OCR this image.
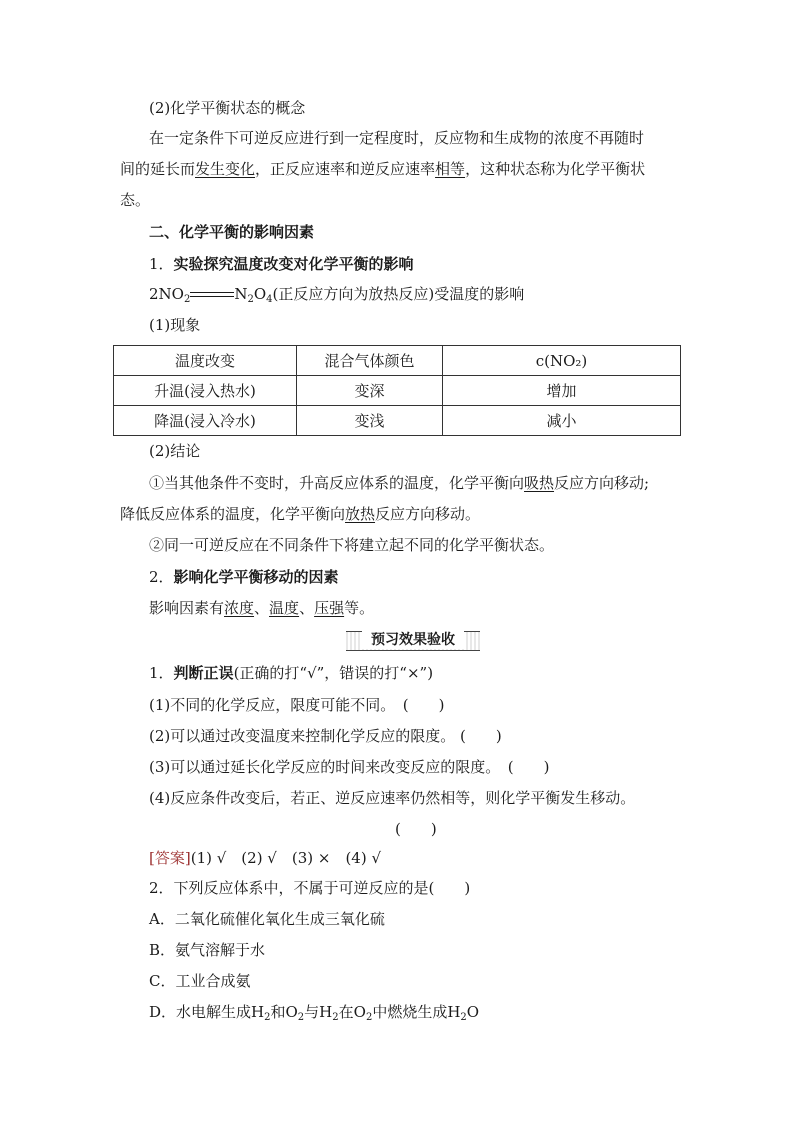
(2)化学平衡状态的概念
在一定条件下可逆反应进行到一定程度时，反应物和生成物的浓度不再随时
间的延长而发生变化，正反应速率和逆反应速率相等，这种状态称为化学平衡状
态。
二、化学平衡的影响因素
1．实验探究温度改变对化学平衡的影响
$2NO_2$	$N_2O_4$(正反应方向为放热反应)受温度的影响
(1)现象
温度改变	混合气体颜色	c(NO₂)
升温(浸入热水)	变深	增加
降温(浸入冷水)	变浅	减小
(2)结论
①当其他条件不变时，升高反应体系的温度，化学平衡向吸热反应方向移动;
降低反应体系的温度，化学平衡向放热反应方向移动。
②同一可逆反应在不同条件下将建立起不同的化学平衡状态。
2．影响化学平衡移动的因素
影响因素有浓度、温度、压强等。
预习效果验收
1．判断正误(正确的打“√”，错误的打“×”)
(1)不同的化学反应，限度可能不同。　(　　)
(2)可以通过改变温度来控制化学反应的限度。 (　　)
(3)可以通过延长化学反应的时间来改变反应的限度。　(　　)
(4)反应条件改变后，若正、逆反应速率仍然相等，则化学平衡发生移动。
(　　)
[答案](1) √　(2) √　(3) ×　(4) √
2．下列反应体系中，不属于可逆反应的是(　　)
A．二氧化硫催化氧化生成三氧化硫
B．氨气溶解于水
C．工业合成氨
D．水电解生成$H_2$和$O_2$与$H_2$在$O_2$中燃烧生成$H_2O$
